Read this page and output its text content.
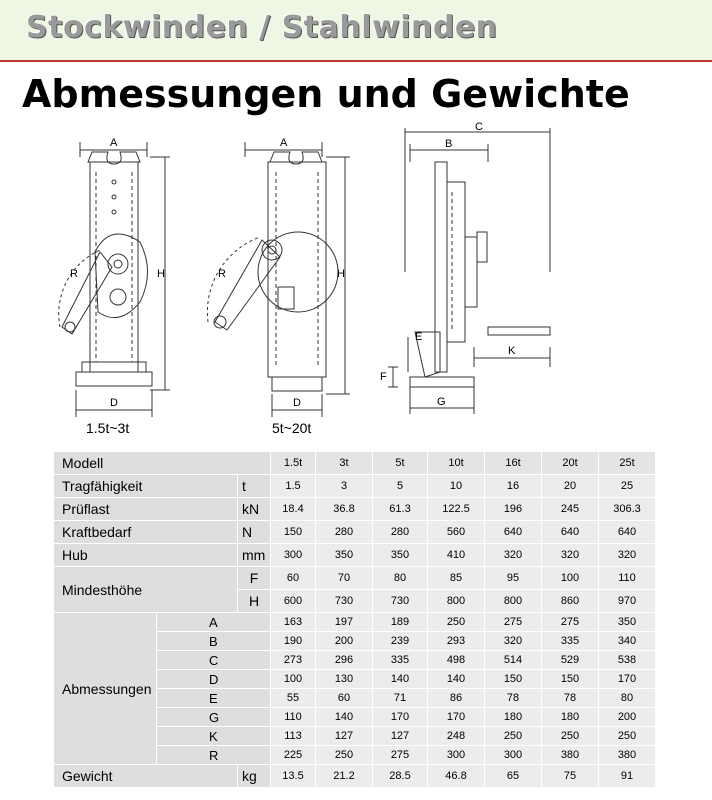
Stockwinden / Stahlwinden
Abmessungen und Gewichte
A
H
R
D
A
H
R
D
C
B
E
F
G
K
1.5t~3t	5t~20t
Modell			1.5t	3t	5t	10t	16t	20t	25t
Tragfähigkeit		t	1.5	3	5	10	16	20	25
Prüflast		kN	18.4	36.8	61.3	122.5	196	245	306.3
Kraftbedarf		N	150	280	280	560	640	640	640
Hub		mm	300	350	350	410	320	320	320
Mindesthöhe		F	60	70	80	85	95	100	110
		H	600	730	730	800	800	860	970
Abmessungen	A		163	197	189	250	275	275	350
	B		190	200	239	293	320	335	340
	C		273	296	335	498	514	529	538
	D		100	130	140	140	150	150	170
	E		55	60	71	86	78	78	80
	G		110	140	170	170	180	180	200
	K		113	127	127	248	250	250	250
	R		225	250	275	300	300	380	380
Gewicht		kg	13.5	21.2	28.5	46.8	65	75	91
